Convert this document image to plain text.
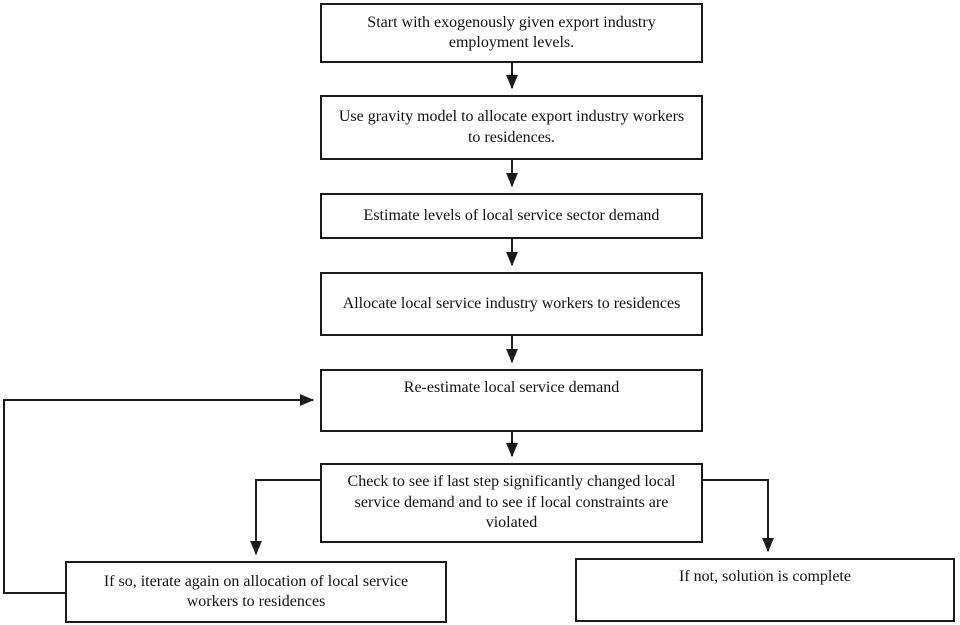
Start with exogenously given export industry employment levels.
Use gravity model to allocate export industry workers to residences.
Estimate levels of local service sector demand
Allocate local service industry workers to residences
Re-estimate local service demand
Check to see if last step significantly changed local service demand and to see if local constraints are violated
If so, iterate again on allocation of local service workers to residences
If not, solution is complete
